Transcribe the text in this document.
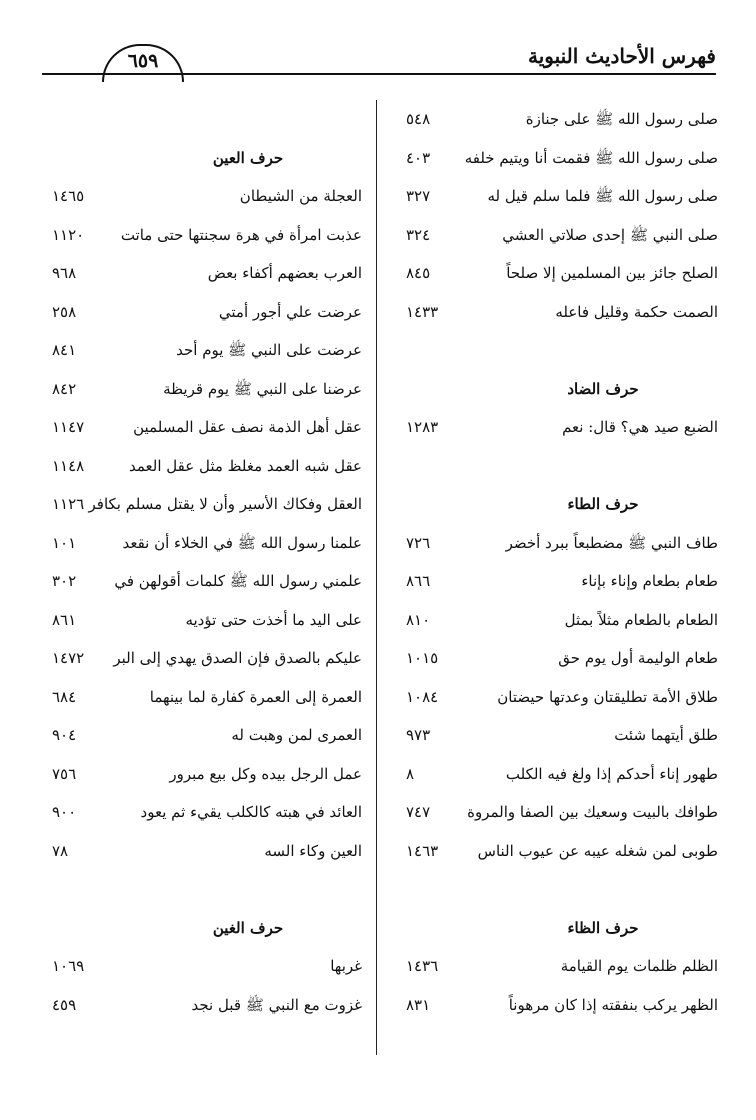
فهرس الأحاديث النبوية
٦٥٩
صلى رسول الله ﷺ على جنازة
٥٤٨
صلى رسول الله ﷺ فقمت أنا ويتيم خلفه
٤٠٣
صلى رسول الله ﷺ فلما سلم قيل له
٣٢٧
صلى النبي ﷺ إحدى صلاتي العشي
٣٢٤
الصلح جائز بين المسلمين إلا صلحاً
٨٤٥
الصمت حكمة وقليل فاعله
١٤٣٣
حرف الضاد
الضبع صيد هي؟ قال: نعم
١٢٨٣
حرف الطاء
طاف النبي ﷺ مضطبعاً ببرد أخضر
٧٢٦
طعام بطعام وإناء بإناء
٨٦٦
الطعام بالطعام مثلاً بمثل
٨١٠
طعام الوليمة أول يوم حق
١٠١٥
طلاق الأمة تطليقتان وعدتها حيضتان
١٠٨٤
طلق أيتهما شئت
٩٧٣
طهور إناء أحدكم إذا ولغ فيه الكلب
٨
طوافك بالبيت وسعيك بين الصفا والمروة
٧٤٧
طوبى لمن شغله عيبه عن عيوب الناس
١٤٦٣
حرف الظاء
الظلم ظلمات يوم القيامة
١٤٣٦
الظهر يركب بنفقته إذا كان مرهوناً
٨٣١
حرف العين
العجلة من الشيطان
١٤٦٥
عذبت امرأة في هرة سجنتها حتى ماتت
١١٢٠
العرب بعضهم أكفاء بعض
٩٦٨
عرضت علي أجور أمتي
٢٥٨
عرضت على النبي ﷺ يوم أحد
٨٤١
عرضنا على النبي ﷺ يوم قريظة
٨٤٢
عقل أهل الذمة نصف عقل المسلمين
١١٤٧
عقل شبه العمد مغلظ مثل عقل العمد
١١٤٨
العقل وفكاك الأسير وأن لا يقتل مسلم بكافر
١١٢٦
علمنا رسول الله ﷺ في الخلاء أن نقعد
١٠١
علمني رسول الله ﷺ كلمات أقولهن في
٣٠٢
على اليد ما أخذت حتى تؤديه
٨٦١
عليكم بالصدق فإن الصدق يهدي إلى البر
١٤٧٢
العمرة إلى العمرة كفارة لما بينهما
٦٨٤
العمرى لمن وهبت له
٩٠٤
عمل الرجل بيده وكل بيع مبرور
٧٥٦
العائد في هبته كالكلب يقيء ثم يعود
٩٠٠
العين وكاء السه
٧٨
حرف الغين
غربها
١٠٦٩
غزوت مع النبي ﷺ قبل نجد
٤٥٩
